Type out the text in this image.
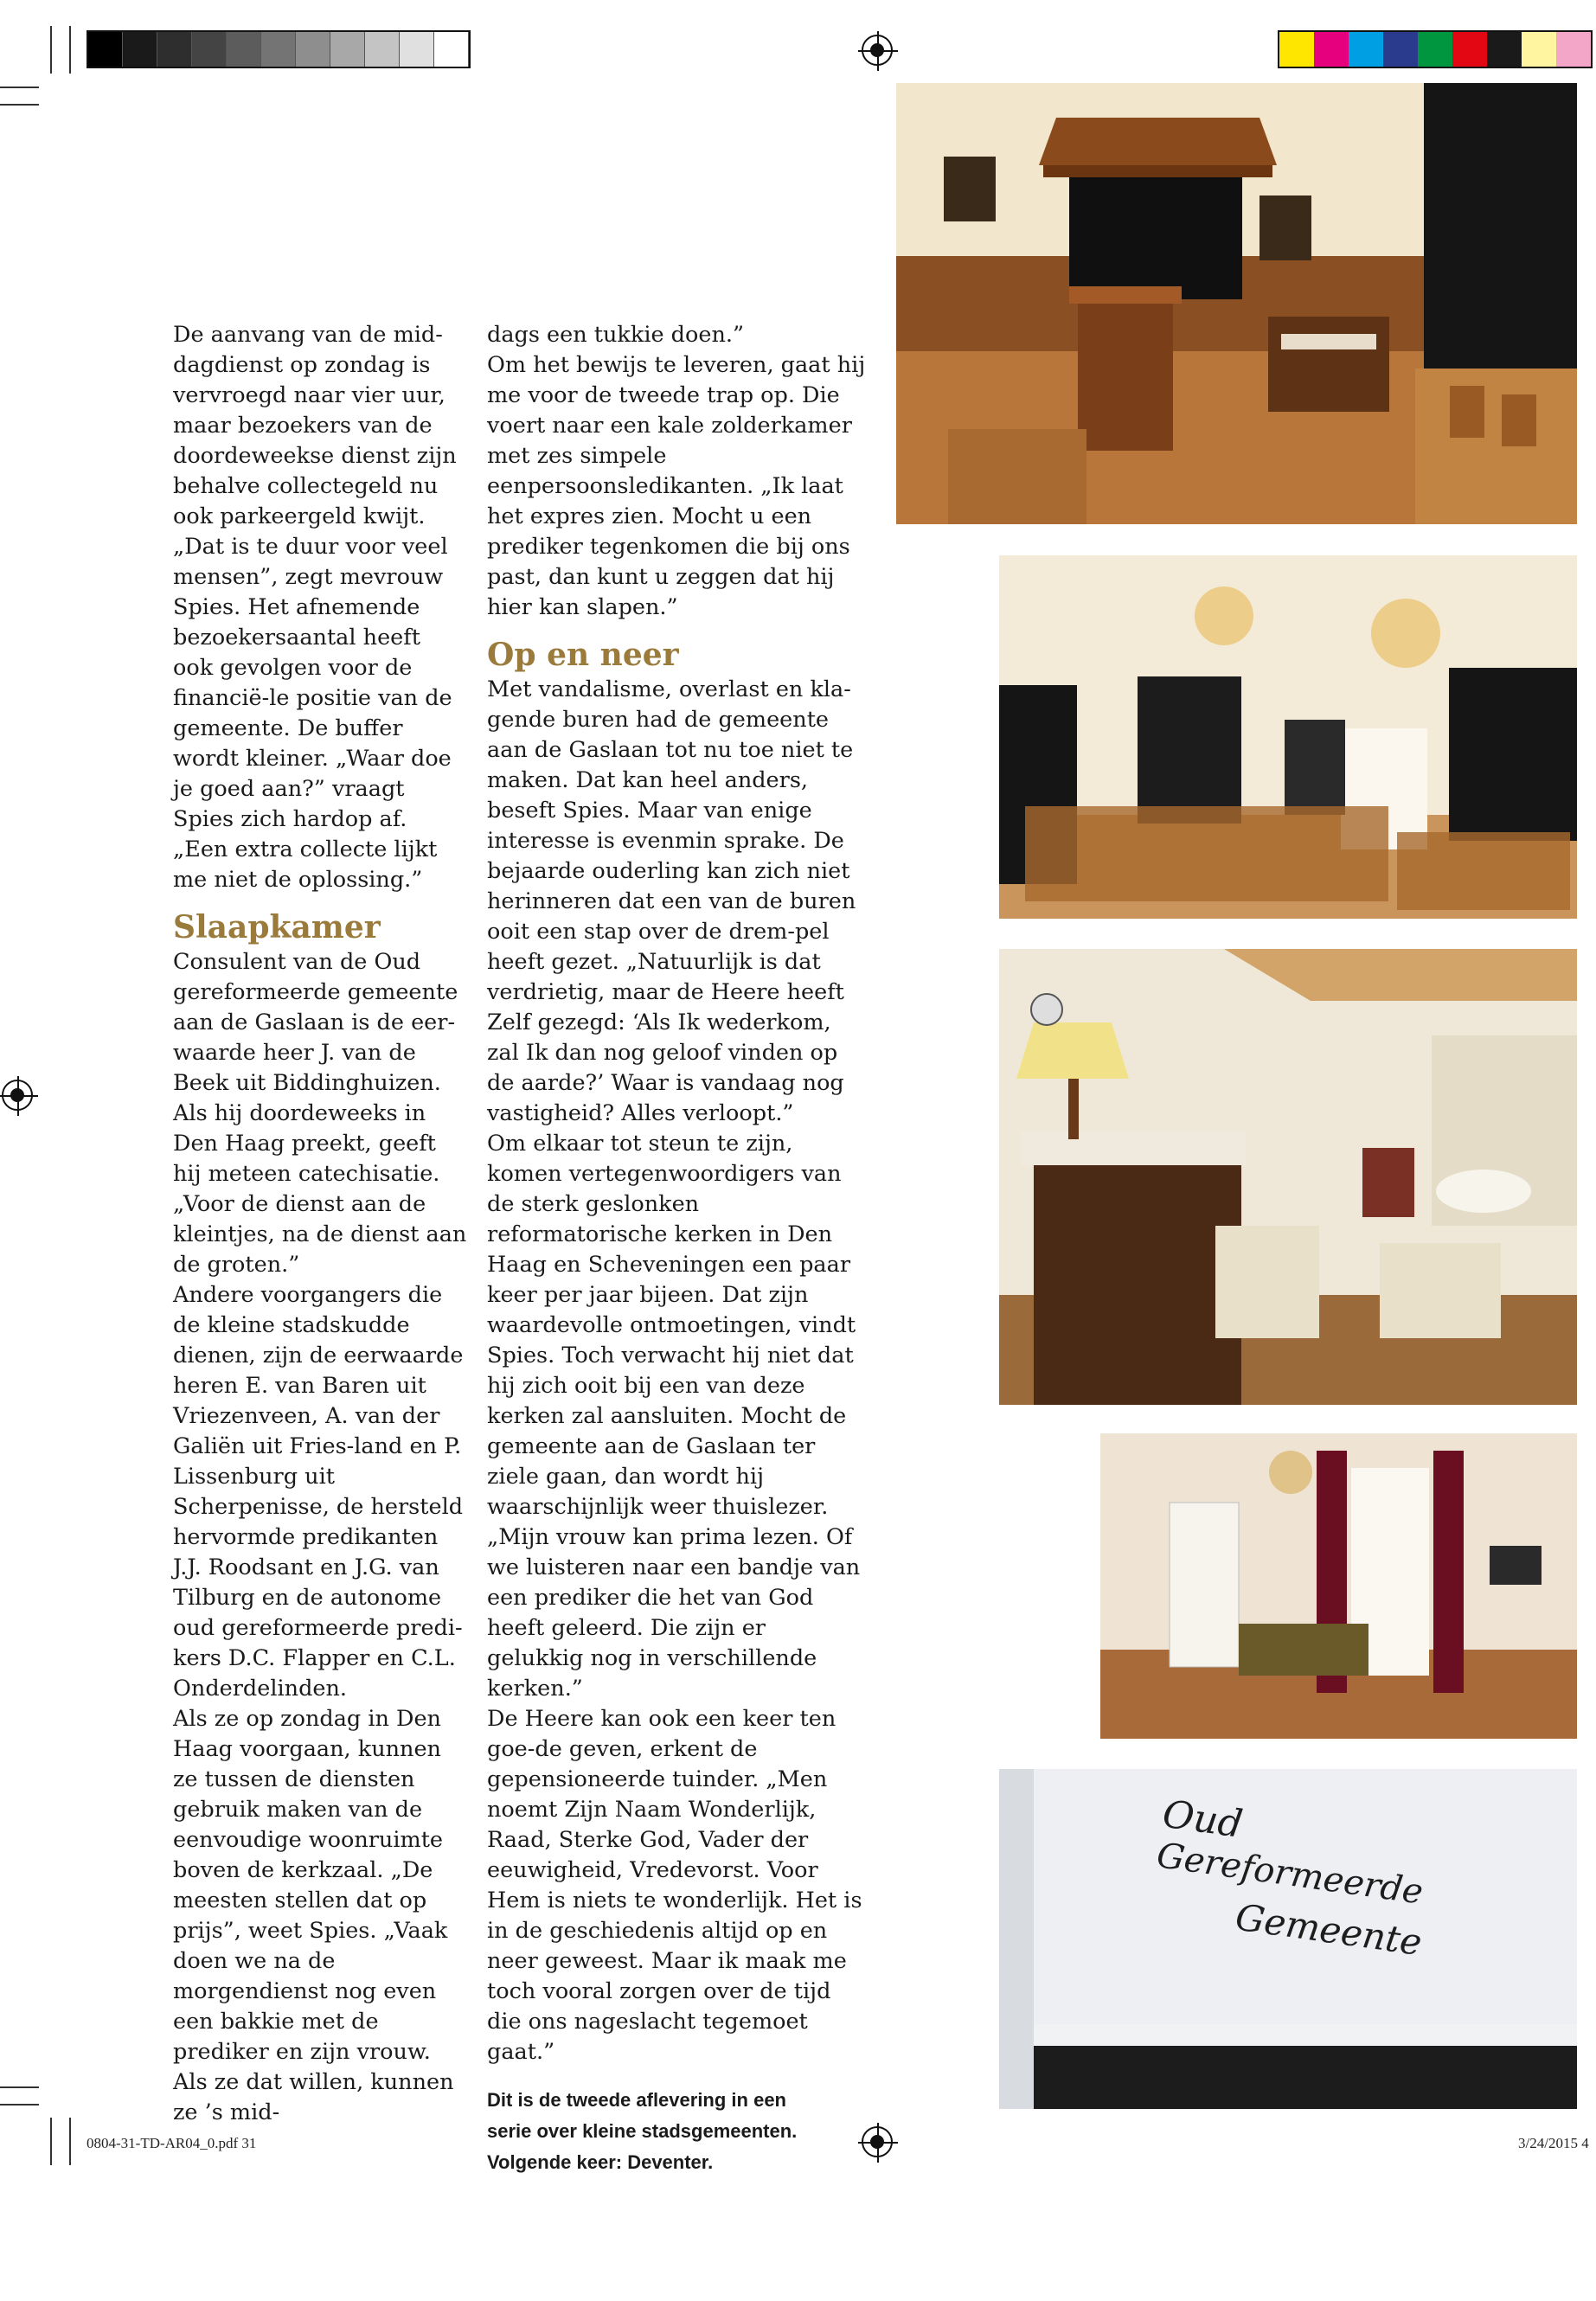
De aanvang van de mid-dagdienst op zondag is vervroegd naar vier uur, maar bezoekers van de doordeweekse dienst zijn behalve collectegeld nu ook parkeergeld kwijt.

„Dat is te duur voor veel mensen”, zegt mevrouw Spies. Het afnemende bezoekersaantal heeft ook gevolgen voor de financië-le positie van de gemeente. De buffer wordt kleiner. „Waar doe je goed aan?” vraagt Spies zich hardop af. „Een extra collecte lijkt me niet de oplossing.”

Slaapkamer

Consulent van de Oud gereformeerde gemeente aan de Gaslaan is de eer-waarde heer J. van de Beek uit Biddinghuizen. Als hij doordeweeks in Den Haag preekt, geeft hij meteen catechisatie. „Voor de dienst aan de kleintjes, na de dienst aan de groten.”

Andere voorgangers die de kleine stadskudde dienen, zijn de eerwaarde heren E. van Baren uit Vriezenveen, A. van der Galiën uit Fries-land en P. Lissenburg uit Scherpenisse, de hersteld hervormde predikanten J.J. Roodsant en J.G. van Tilburg en de autonome oud gereformeerde predi-kers D.C. Flapper en C.L. Onderdelinden.

Als ze op zondag in Den Haag voorgaan, kunnen ze tussen de diensten gebruik maken van de eenvoudige woonruimte boven de kerkzaal. „De meesten stellen dat op prijs”, weet Spies. „Vaak doen we na de morgendienst nog even een bakkie met de prediker en zijn vrouw. Als ze dat willen, kunnen ze ’s mid-

dags een tukkie doen.”

Om het bewijs te leveren, gaat hij me voor de tweede trap op. Die voert naar een kale zolderkamer met zes simpele eenpersoonsledikanten. „Ik laat het expres zien. Mocht u een prediker tegenkomen die bij ons past, dan kunt u zeggen dat hij hier kan slapen.”

Op en neer

Met vandalisme, overlast en kla-gende buren had de gemeente aan de Gaslaan tot nu toe niet te maken. Dat kan heel anders, beseft Spies. Maar van enige interesse is evenmin sprake. De bejaarde ouderling kan zich niet herinneren dat een van de buren ooit een stap over de drem-pel heeft gezet. „Natuurlijk is dat verdrietig, maar de Heere heeft Zelf gezegd: ‘Als Ik wederkom, zal Ik dan nog geloof vinden op de aarde?’ Waar is vandaag nog vastigheid? Alles verloopt.”

Om elkaar tot steun te zijn, komen vertegenwoordigers van de sterk geslonken reformatorische kerken in Den Haag en Scheveningen een paar keer per jaar bijeen. Dat zijn waardevolle ontmoetingen, vindt Spies. Toch verwacht hij niet dat hij zich ooit bij een van deze kerken zal aansluiten. Mocht de gemeente aan de Gaslaan ter ziele gaan, dan wordt hij waarschijnlijk weer thuislezer. „Mijn vrouw kan prima lezen. Of we luisteren naar een bandje van een prediker die het van God heeft geleerd. Die zijn er gelukkig nog in verschillende kerken.”

De Heere kan ook een keer ten goe-de geven, erkent de gepensioneerde tuinder. „Men noemt Zijn Naam Wonderlijk, Raad, Sterke God, Vader der eeuwigheid, Vredevorst. Voor Hem is niets te wonderlijk. Het is in de geschiedenis altijd op en neer geweest. Maar ik maak me toch vooral zorgen over de tijd die ons nageslacht tegemoet gaat.”

Dit is de tweede aflevering in een
serie over kleine stadsgemeenten.
Volgende keer: Deventer.
Oud Gereformeerde
Gemeente
0804-31-TD-AR04_0.pdf 31	3/24/2015 4
